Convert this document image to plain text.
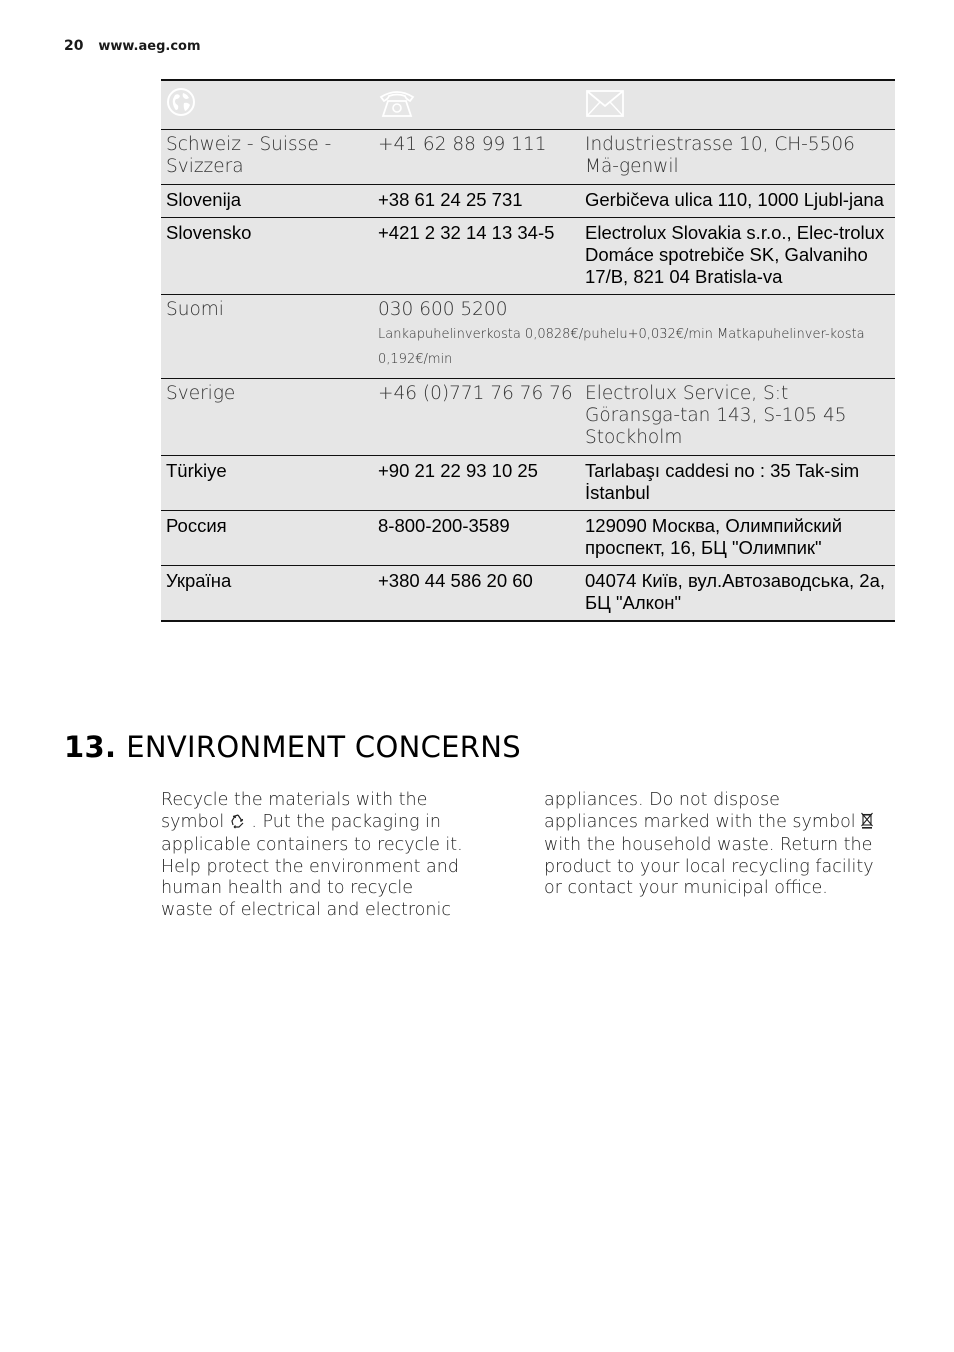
20 www.aeg.com

Schweiz - Suisse - Svizzera	+41 62 88 99 111	Industriestrasse 10, CH-5506 Mä-genwil
Slovenija	+38 61 24 25 731	Gerbičeva ulica 110, 1000 Ljubl-jana
Slovensko	+421 2 32 14 13 34-5	Electrolux Slovakia s.r.o., Elec-trolux Domáce spotrebiče SK, Galvaniho 17/B, 821 04 Bratisla-va
Suomi	030 600 5200
Lankapuhelinverkosta 0,0828€/puhelu+0,032€/min Matkapuhelinver-kosta 0,192€/min	

Sverige	+46 (0)771 76 76 76	Electrolux Service, S:t Göransga-tan 143, S-105 45 Stockholm
Türkiye	+90 21 22 93 10 25	Tarlabaşı caddesi no : 35 Tak-sim İstanbul
Россия	8-800-200-3589	129090 Москва, Олимпийский проспект, 16, БЦ "Олимпик"
Україна	+380 44 586 20 60	04074 Київ, вул.Автозаводська, 2а, БЦ "Алкон"
13. ENVIRONMENT CONCERNS
Recycle the materials with the symbol . Put the packaging in applicable containers to recycle it. Help protect the environment and human health and to recycle waste of electrical and electronic
appliances. Do not dispose appliances marked with the symbol  with the household waste. Return the product to your local recycling facility or contact your municipal office.
